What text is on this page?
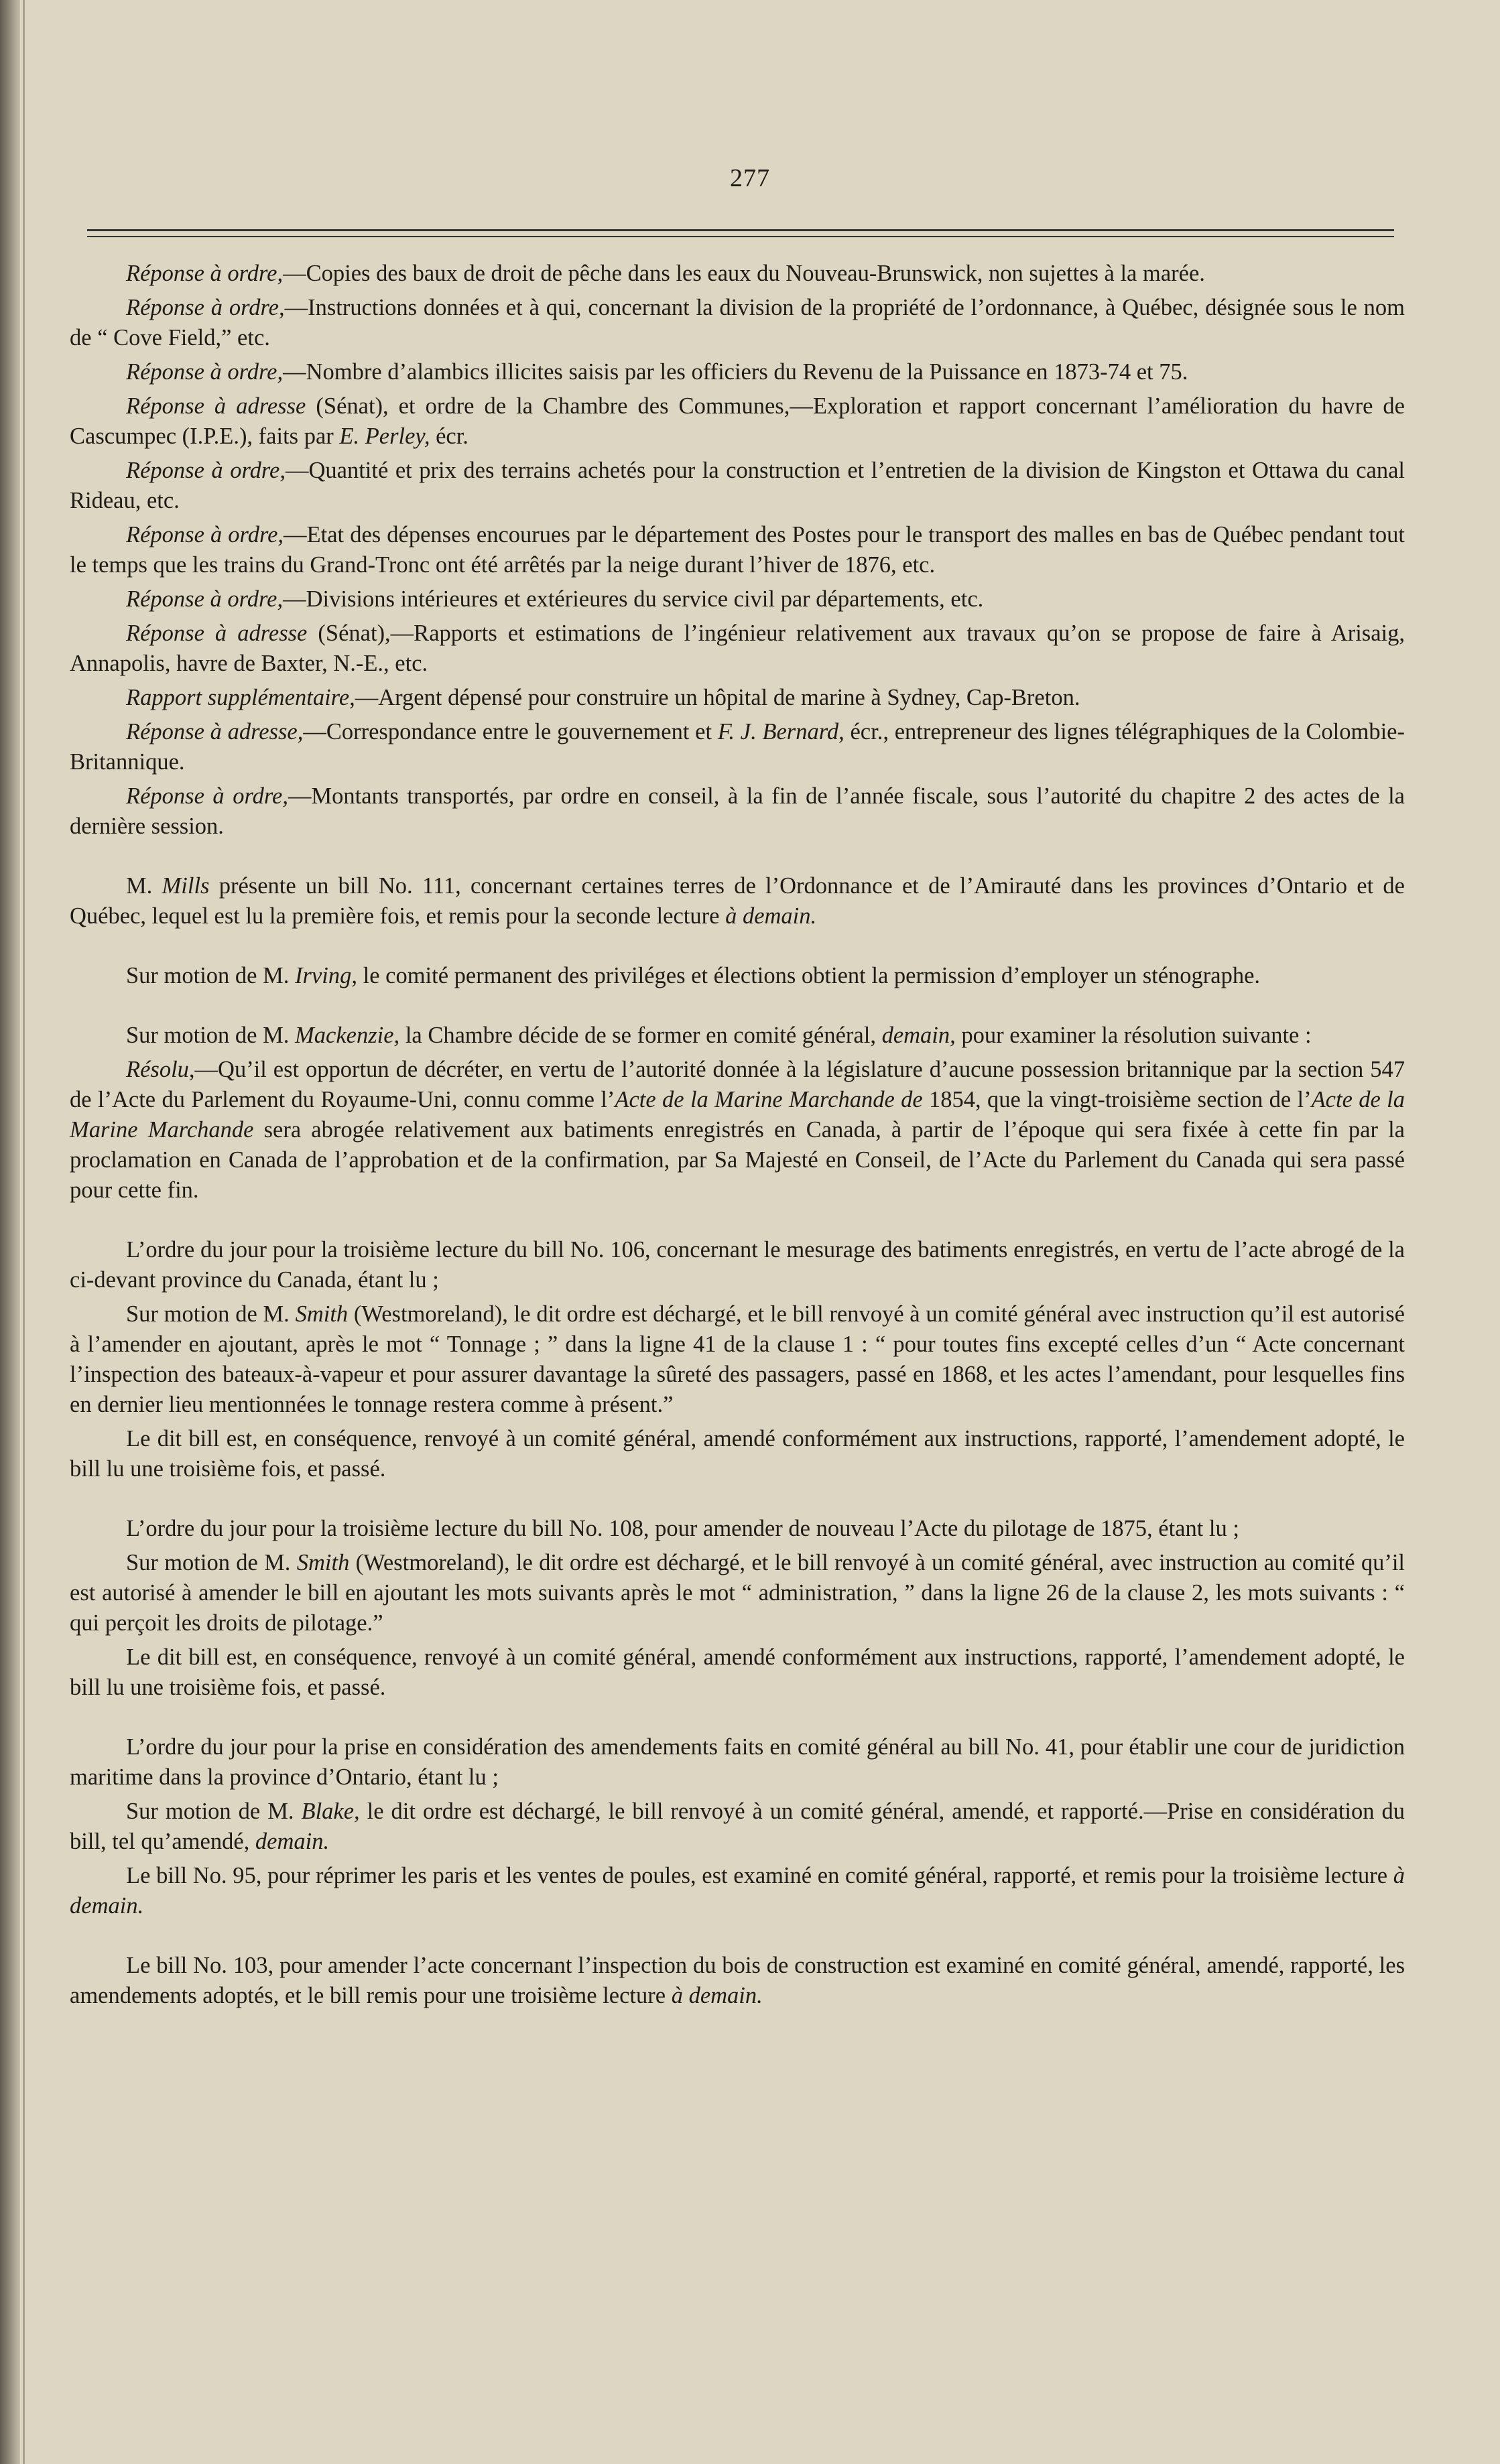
277

Réponse à ordre,—Copies des baux de droit de pêche dans les eaux du Nouveau-Brunswick, non sujettes à la marée.

Réponse à ordre,—Instructions données et à qui, concernant la division de la propriété de l’ordonnance, à Québec, désignée sous le nom de “ Cove Field,” etc.

Réponse à ordre,—Nombre d’alambics illicites saisis par les officiers du Revenu de la Puissance en 1873-74 et 75.

Réponse à adresse (Sénat), et ordre de la Chambre des Communes,—Exploration et rapport concernant l’amélioration du havre de Cascumpec (I.P.E.), faits par E. Perley, écr.

Réponse à ordre,—Quantité et prix des terrains achetés pour la construction et l’entretien de la division de Kingston et Ottawa du canal Rideau, etc.

Réponse à ordre,—Etat des dépenses encourues par le département des Postes pour le transport des malles en bas de Québec pendant tout le temps que les trains du Grand-Tronc ont été arrêtés par la neige durant l’hiver de 1876, etc.

Réponse à ordre,—Divisions intérieures et extérieures du service civil par départements, etc.

Réponse à adresse (Sénat),—Rapports et estimations de l’ingénieur relativement aux travaux qu’on se propose de faire à Arisaig, Annapolis, havre de Baxter, N.-E., etc.

Rapport supplémentaire,—Argent dépensé pour construire un hôpital de marine à Sydney, Cap-Breton.

Réponse à adresse,—Correspondance entre le gouvernement et F. J. Bernard, écr., entrepreneur des lignes télégraphiques de la Colombie-Britannique.

Réponse à ordre,—Montants transportés, par ordre en conseil, à la fin de l’année fiscale, sous l’autorité du chapitre 2 des actes de la dernière session.

M. Mills présente un bill No. 111, concernant certaines terres de l’Ordonnance et de l’Amirauté dans les provinces d’Ontario et de Québec, lequel est lu la première fois, et remis pour la seconde lecture à demain.

Sur motion de M. Irving, le comité permanent des priviléges et élections obtient la permission d’employer un sténographe.

Sur motion de M. Mackenzie, la Chambre décide de se former en comité général, demain, pour examiner la résolution suivante :

Résolu,—Qu’il est opportun de décréter, en vertu de l’autorité donnée à la législature d’aucune possession britannique par la section 547 de l’Acte du Parlement du Royaume-Uni, connu comme l’Acte de la Marine Marchande de 1854, que la vingt-troisième section de l’Acte de la Marine Marchande sera abrogée relativement aux batiments enregistrés en Canada, à partir de l’époque qui sera fixée à cette fin par la proclamation en Canada de l’approbation et de la confirmation, par Sa Majesté en Conseil, de l’Acte du Parlement du Canada qui sera passé pour cette fin.

L’ordre du jour pour la troisième lecture du bill No. 106, concernant le mesurage des batiments enregistrés, en vertu de l’acte abrogé de la ci-devant province du Canada, étant lu ;

Sur motion de M. Smith (Westmoreland), le dit ordre est déchargé, et le bill renvoyé à un comité général avec instruction qu’il est autorisé à l’amender en ajoutant, après le mot “ Tonnage ; ” dans la ligne 41 de la clause 1 : “ pour toutes fins excepté celles d’un “ Acte concernant l’inspection des bateaux-à-vapeur et pour assurer davantage la sûreté des passagers, passé en 1868, et les actes l’amendant, pour lesquelles fins en dernier lieu mentionnées le tonnage restera comme à présent.”

Le dit bill est, en conséquence, renvoyé à un comité général, amendé conformément aux instructions, rapporté, l’amendement adopté, le bill lu une troisième fois, et passé.

L’ordre du jour pour la troisième lecture du bill No. 108, pour amender de nouveau l’Acte du pilotage de 1875, étant lu ;

Sur motion de M. Smith (Westmoreland), le dit ordre est déchargé, et le bill renvoyé à un comité général, avec instruction au comité qu’il est autorisé à amender le bill en ajoutant les mots suivants après le mot “ administration, ” dans la ligne 26 de la clause 2, les mots suivants : “ qui perçoit les droits de pilotage.”

Le dit bill est, en conséquence, renvoyé à un comité général, amendé conformément aux instructions, rapporté, l’amendement adopté, le bill lu une troisième fois, et passé.

L’ordre du jour pour la prise en considération des amendements faits en comité général au bill No. 41, pour établir une cour de juridiction maritime dans la province d’Ontario, étant lu ;

Sur motion de M. Blake, le dit ordre est déchargé, le bill renvoyé à un comité général, amendé, et rapporté.—Prise en considération du bill, tel qu’amendé, demain.

Le bill No. 95, pour réprimer les paris et les ventes de poules, est examiné en comité général, rapporté, et remis pour la troisième lecture à demain.

Le bill No. 103, pour amender l’acte concernant l’inspection du bois de construction est examiné en comité général, amendé, rapporté, les amendements adoptés, et le bill remis pour une troisième lecture à demain.
